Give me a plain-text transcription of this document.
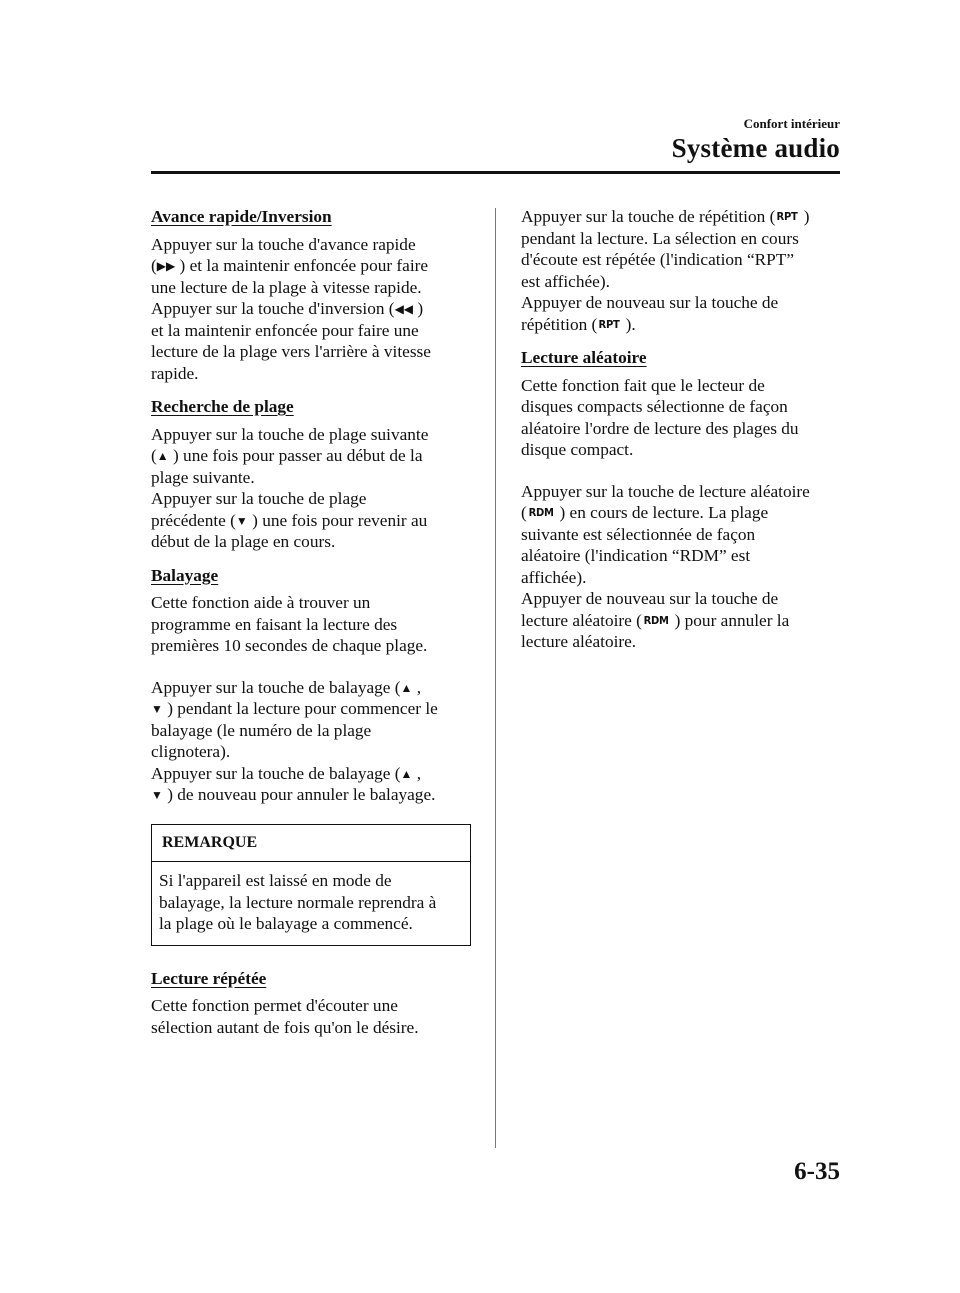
Confort intérieur
Système audio

Avance rapide/Inversion

Appuyer sur la touche d'avance rapide

(▶▶ ) et la maintenir enfoncée pour faire

une lecture de la plage à vitesse rapide.

Appuyer sur la touche d'inversion (◀◀ )

et la maintenir enfoncée pour faire une

lecture de la plage vers l'arrière à vitesse

rapide.

Recherche de plage

Appuyer sur la touche de plage suivante

(▲ ) une fois pour passer au début de la

plage suivante.

Appuyer sur la touche de plage

précédente (▼ ) une fois pour revenir au

début de la plage en cours.

Balayage

Cette fonction aide à trouver un

programme en faisant la lecture des

premières 10 secondes de chaque plage.

Appuyer sur la touche de balayage (▲ ,

▼ ) pendant la lecture pour commencer le

balayage (le numéro de la plage

clignotera).

Appuyer sur la touche de balayage (▲ ,

▼ ) de nouveau pour annuler le balayage.

REMARQUE

Si l'appareil est laissé en mode de

balayage, la lecture normale reprendra à

la plage où le balayage a commencé.

Lecture répétée

Cette fonction permet d'écouter une

sélection autant de fois qu'on le désire.

Appuyer sur la touche de répétition ( RPT )

pendant la lecture. La sélection en cours

d'écoute est répétée (l'indication “RPT”

est affichée).

Appuyer de nouveau sur la touche de

répétition ( RPT ).

Lecture aléatoire

Cette fonction fait que le lecteur de

disques compacts sélectionne de façon

aléatoire l'ordre de lecture des plages du

disque compact.

Appuyer sur la touche de lecture aléatoire

( RDM ) en cours de lecture. La plage

suivante est sélectionnée de façon

aléatoire (l'indication “RDM” est

affichée).

Appuyer de nouveau sur la touche de

lecture aléatoire ( RDM ) pour annuler la

lecture aléatoire.

6-35
